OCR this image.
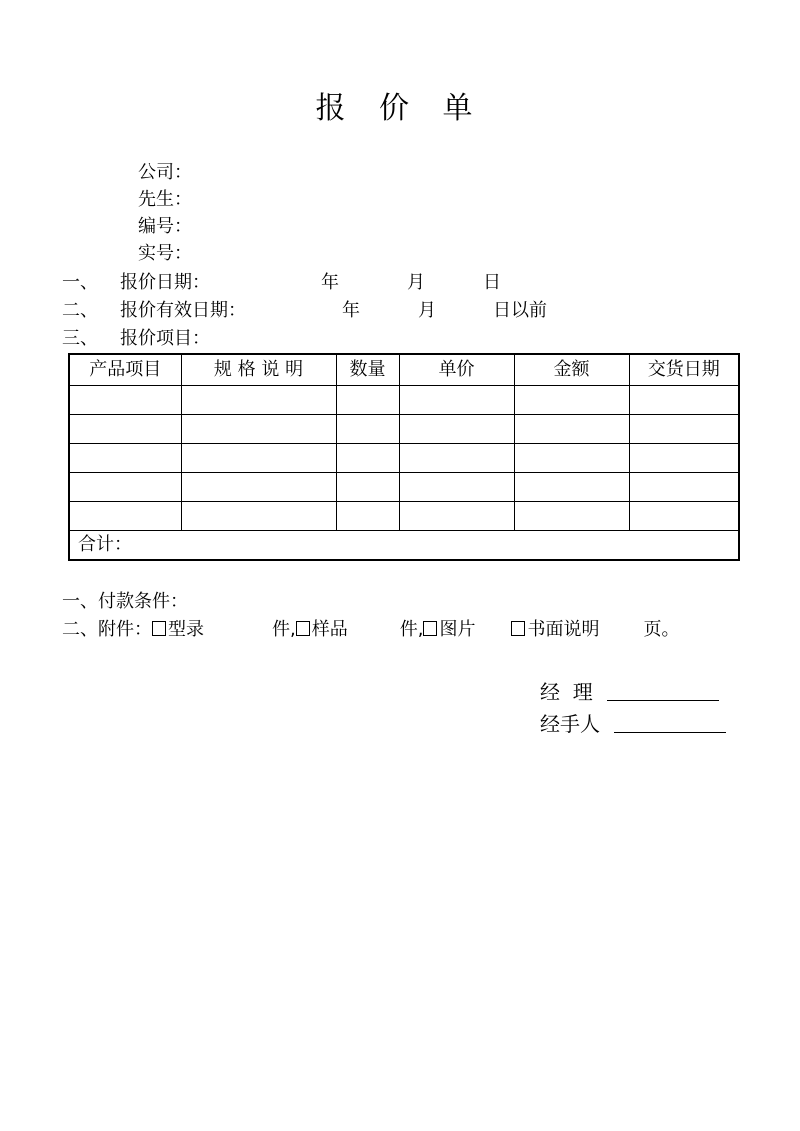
报 价 单
公司：
先生：
编号：
实号：
一、 报价日期：	年	月	日
二、 报价有效日期：	年	月	日以前
三、 报价项目：
产品项目	规 格 说 明	数量	单价	金额	交货日期

合计：					
一、付款条件：
二、附件： 型录	件, 样品	件, 图片	书面说明 页。
经  理
经手人
